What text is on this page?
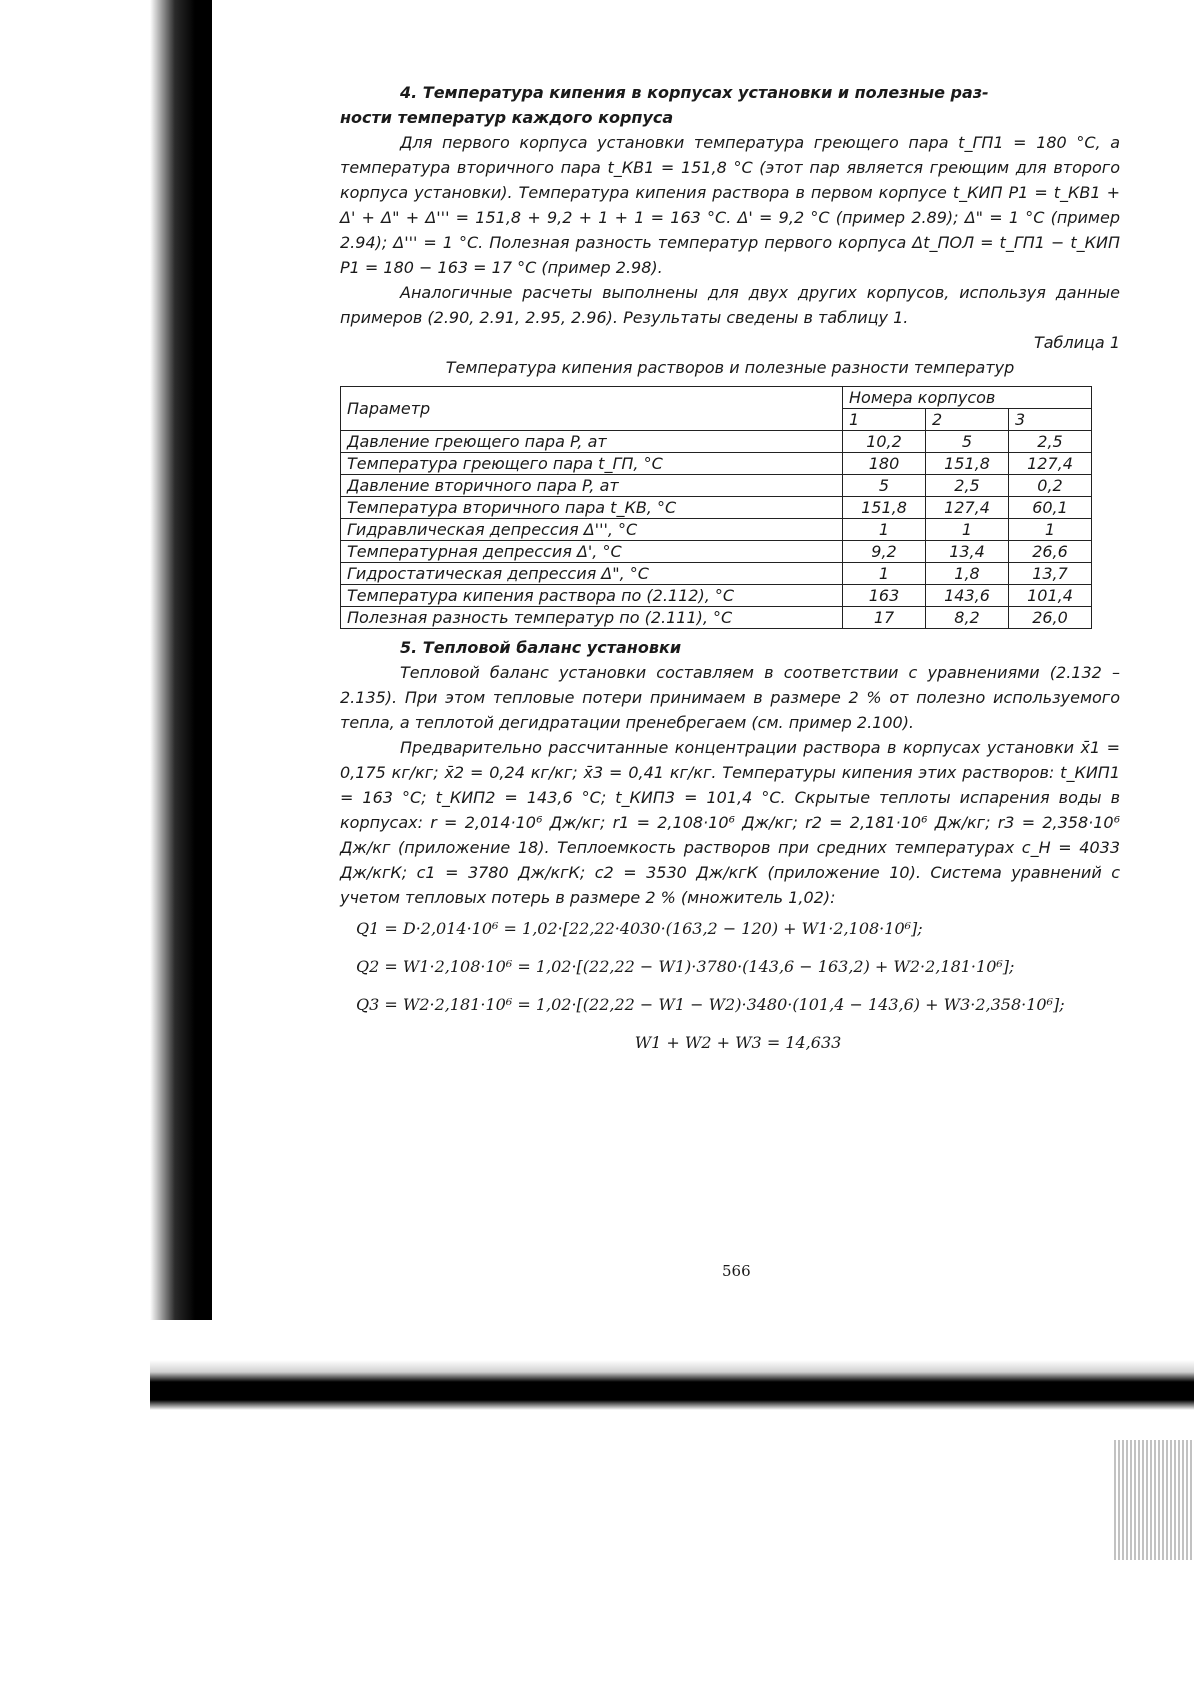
4. Температура кипения в корпусах установки и полезные раз-
ности температур каждого корпуса

Для первого корпуса установки температура греющего пара t_ГП1 = 180 °C, а температура вторичного пара t_КВ1 = 151,8 °C (этот пар является греющим для второго корпуса установки). Температура кипения раствора в первом корпусе t_КИП Р1 = t_КВ1 + Δ' + Δ" + Δ''' = 151,8 + 9,2 + 1 + 1 = 163 °C. Δ' = 9,2 °C (пример 2.89); Δ" = 1 °C (пример 2.94); Δ''' = 1 °C. Полезная разность температур первого корпуса Δt_ПОЛ = t_ГП1 − t_КИП Р1 = 180 − 163 = 17 °C (пример 2.98).

Аналогичные расчеты выполнены для двух других корпусов, используя данные примеров (2.90, 2.91, 2.95, 2.96). Результаты сведены в таблицу 1.

Таблица 1
Температура кипения растворов и полезные разности температур
Параметр	Номера корпусов		
	1	2	3
Давление греющего пара P, ат	10,2	5	2,5
Температура греющего пара t_ГП, °C	180	151,8	127,4
Давление вторичного пара P, ат	5	2,5	0,2
Температура вторичного пара t_КВ, °C	151,8	127,4	60,1
Гидравлическая депрессия Δ''', °C	1	1	1
Температурная депрессия Δ', °C	9,2	13,4	26,6
Гидростатическая депрессия Δ", °C	1	1,8	13,7
Температура кипения раствора по (2.112), °C	163	143,6	101,4
Полезная разность температур по (2.111), °C	17	8,2	26,0
5. Тепловой баланс установки

Тепловой баланс установки составляем в соответствии с уравнениями (2.132 – 2.135). При этом тепловые потери принимаем в размере 2 % от полезно используемого тепла, а теплотой дегидратации пренебрегаем (см. пример 2.100).

Предварительно рассчитанные концентрации раствора в корпусах установки x̄1 = 0,175 кг/кг; x̄2 = 0,24 кг/кг; x̄3 = 0,41 кг/кг. Температуры кипения этих растворов: t_КИП1 = 163 °C; t_КИП2 = 143,6 °C; t_КИП3 = 101,4 °C. Скрытые теплоты испарения воды в корпусах: r = 2,014·10⁶ Дж/кг; r1 = 2,108·10⁶ Дж/кг; r2 = 2,181·10⁶ Дж/кг; r3 = 2,358·10⁶ Дж/кг (приложение 18). Теплоемкость растворов при средних температурах c_Н = 4033 Дж/кгК; c1 = 3780 Дж/кгК; c2 = 3530 Дж/кгК (приложение 10). Система уравнений с учетом тепловых потерь в размере 2 % (множитель 1,02):

Q1 = D·2,014·10⁶ = 1,02·[22,22·4030·(163,2 − 120) + W1·2,108·10⁶];
Q2 = W1·2,108·10⁶ = 1,02·[(22,22 − W1)·3780·(143,6 − 163,2) + W2·2,181·10⁶];
Q3 = W2·2,181·10⁶ = 1,02·[(22,22 − W1 − W2)·3480·(101,4 − 143,6) + W3·2,358·10⁶];
W1 + W2 + W3 = 14,633
566
